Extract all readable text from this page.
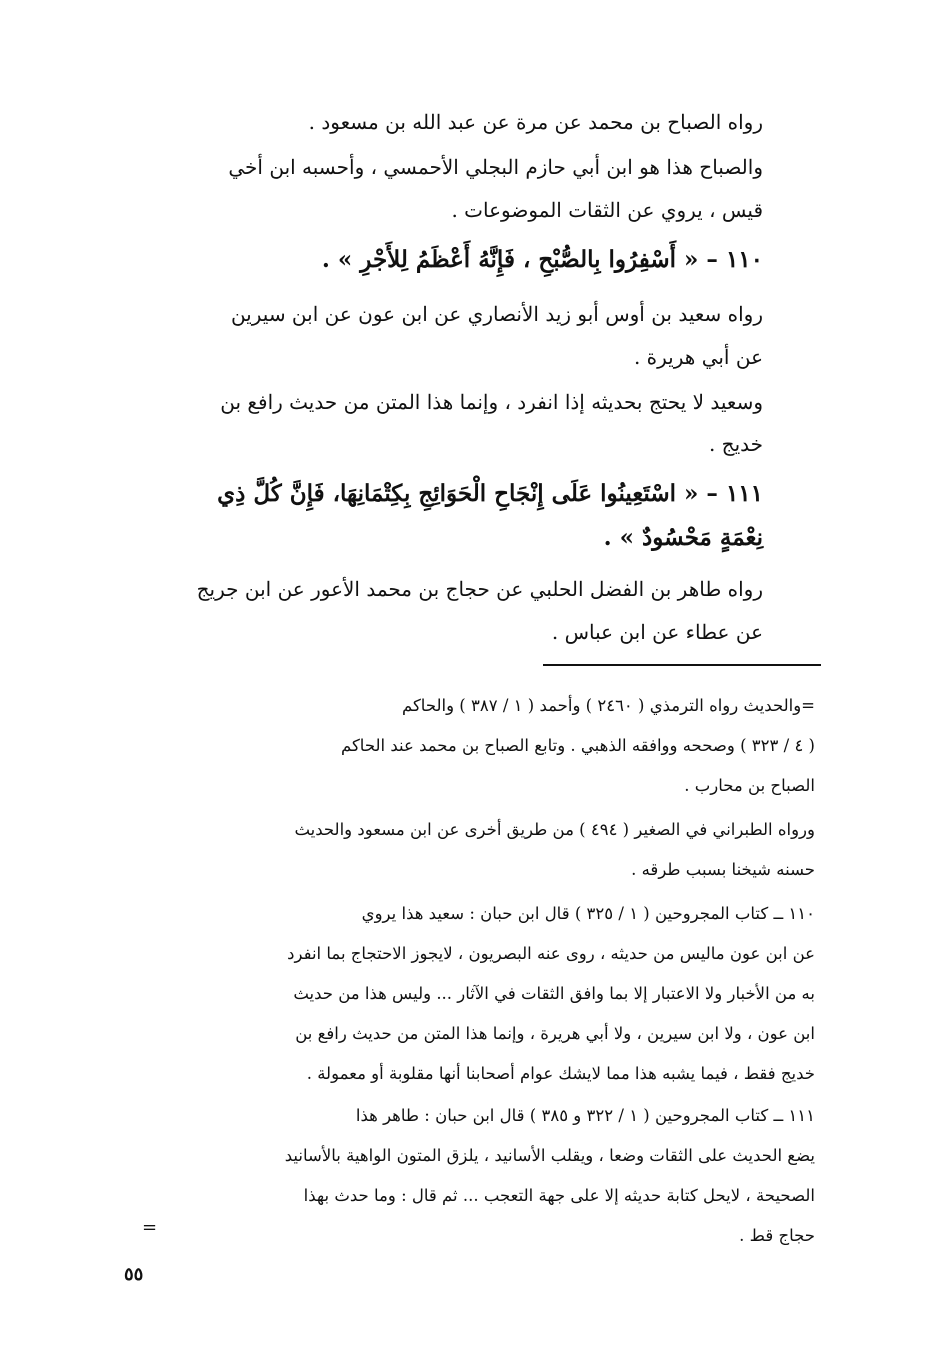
رواه الصباح بن محمد عن مرة عن عبد الله بن مسعود .

والصباح هذا هو ابن أبي حازم البجلي الأحمسي ، وأحسبه ابن أخي

قيس ، يروي عن الثقات الموضوعات .

١١٠ – « أَسْفِرُوا بِالصُّبْحِ ، فَإِنَّهُ أَعْظَمُ لِلأَجْرِ » .

رواه سعيد بن أوس أبو زيد الأنصاري عن ابن عون عن ابن سيرين

عن أبي هريرة .

وسعيد لا يحتج بحديثه إذا انفرد ، وإنما هذا المتن من حديث رافع بن

خديج .

١١١ – « اسْتَعِينُوا عَلَى إِنْجَاحِ الْحَوَائِجِ بِكِتْمَانِهَا، فَإِنَّ كُلَّ ذِي

نِعْمَةٍ مَحْسُودٌ » .

رواه طاهر بن الفضل الحلبي عن حجاج بن محمد الأعور عن ابن جريج

عن عطاء عن ابن عباس .

=والحديث رواه الترمذي ( ٢٤٦٠ ) وأحمد ( ١ / ٣٨٧ ) والحاكم

( ٤ / ٣٢٣ ) وصححه ووافقه الذهبي . وتابع الصباح بن محمد عند الحاكم

الصباح بن محارب .

ورواه الطبراني في الصغير ( ٤٩٤ ) من طريق أخرى عن ابن مسعود والحديث

حسنه شيخنا بسبب طرقه .

١١٠ ــ كتاب المجروحين ( ١ / ٣٢٥ ) قال ابن حبان : سعيد هذا يروي

عن ابن عون ماليس من حديثه ، روى عنه البصريون ، لايجوز الاحتجاج بما انفرد

به من الأخبار ولا الاعتبار إلا بما وافق الثقات في الآثار ... وليس هذا من حديث

ابن عون ، ولا ابن سيرين ، ولا أبي هريرة ، وإنما هذا المتن من حديث رافع بن

خديج فقط ، فيما يشبه هذا مما لايشك عوام أصحابنا أنها مقلوبة أو معمولة .

١١١ ــ كتاب المجروحين ( ١ / ٣٢٢ و ٣٨٥ ) قال ابن حبان : طاهر هذا

يضع الحديث على الثقات وضعا ، ويقلب الأسانيد ، يلزق المتون الواهية بالأسانيد

الصحيحة ، لايحل كتابة حديثه إلا على جهة التعجب ... ثم قال : وما حدث بهذا

حجاج قط .

=
٥٥
